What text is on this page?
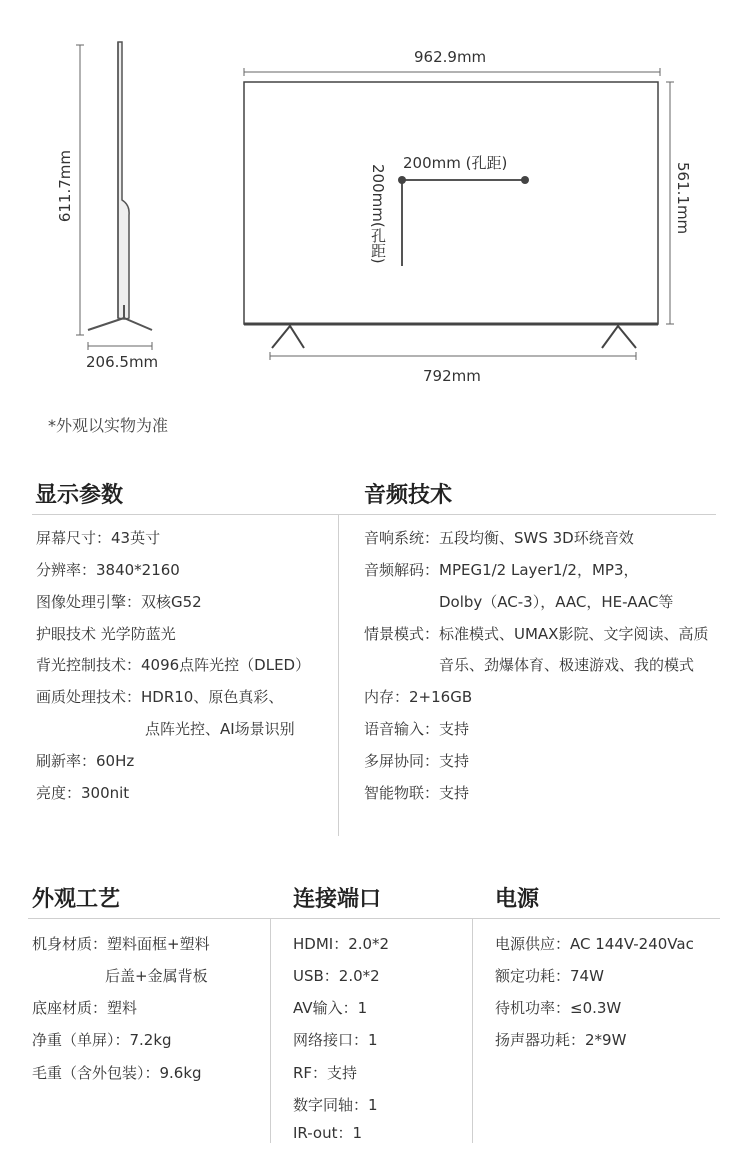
611.7mm
206.5mm
962.9mm
561.1mm
792mm
200mm (孔距)
200mm(孔距)
*外观以实物为准
显示参数	音频技术
屏幕尺寸：43英寸
分辨率：3840*2160
图像处理引擎：双核G52
护眼技术 光学防蓝光
背光控制技术：4096点阵光控（DLED）
画质处理技术：HDR10、原色真彩、
点阵光控、AI场景识别
刷新率：60Hz
亮度：300nit
音响系统：五段均衡、SWS 3D环绕音效
音频解码：MPEG1/2 Layer1/2，MP3，
Dolby（AC-3），AAC，HE-AAC等
情景模式：标准模式、UMAX影院、文字阅读、高质
音乐、劲爆体育、极速游戏、我的模式
内存：2+16GB
语音输入：支持
多屏协同：支持
智能物联：支持
外观工艺	连接端口	电源
机身材质：塑料面框+塑料
后盖+金属背板
底座材质：塑料
净重（单屏）：7.2kg
毛重（含外包装）：9.6kg
HDMI：2.0*2
USB：2.0*2
AV输入：1
网络接口：1
RF：支持
数字同轴：1
IR-out：1
电源供应：AC 144V-240Vac
额定功耗：74W
待机功率：≤0.3W
扬声器功耗：2*9W
